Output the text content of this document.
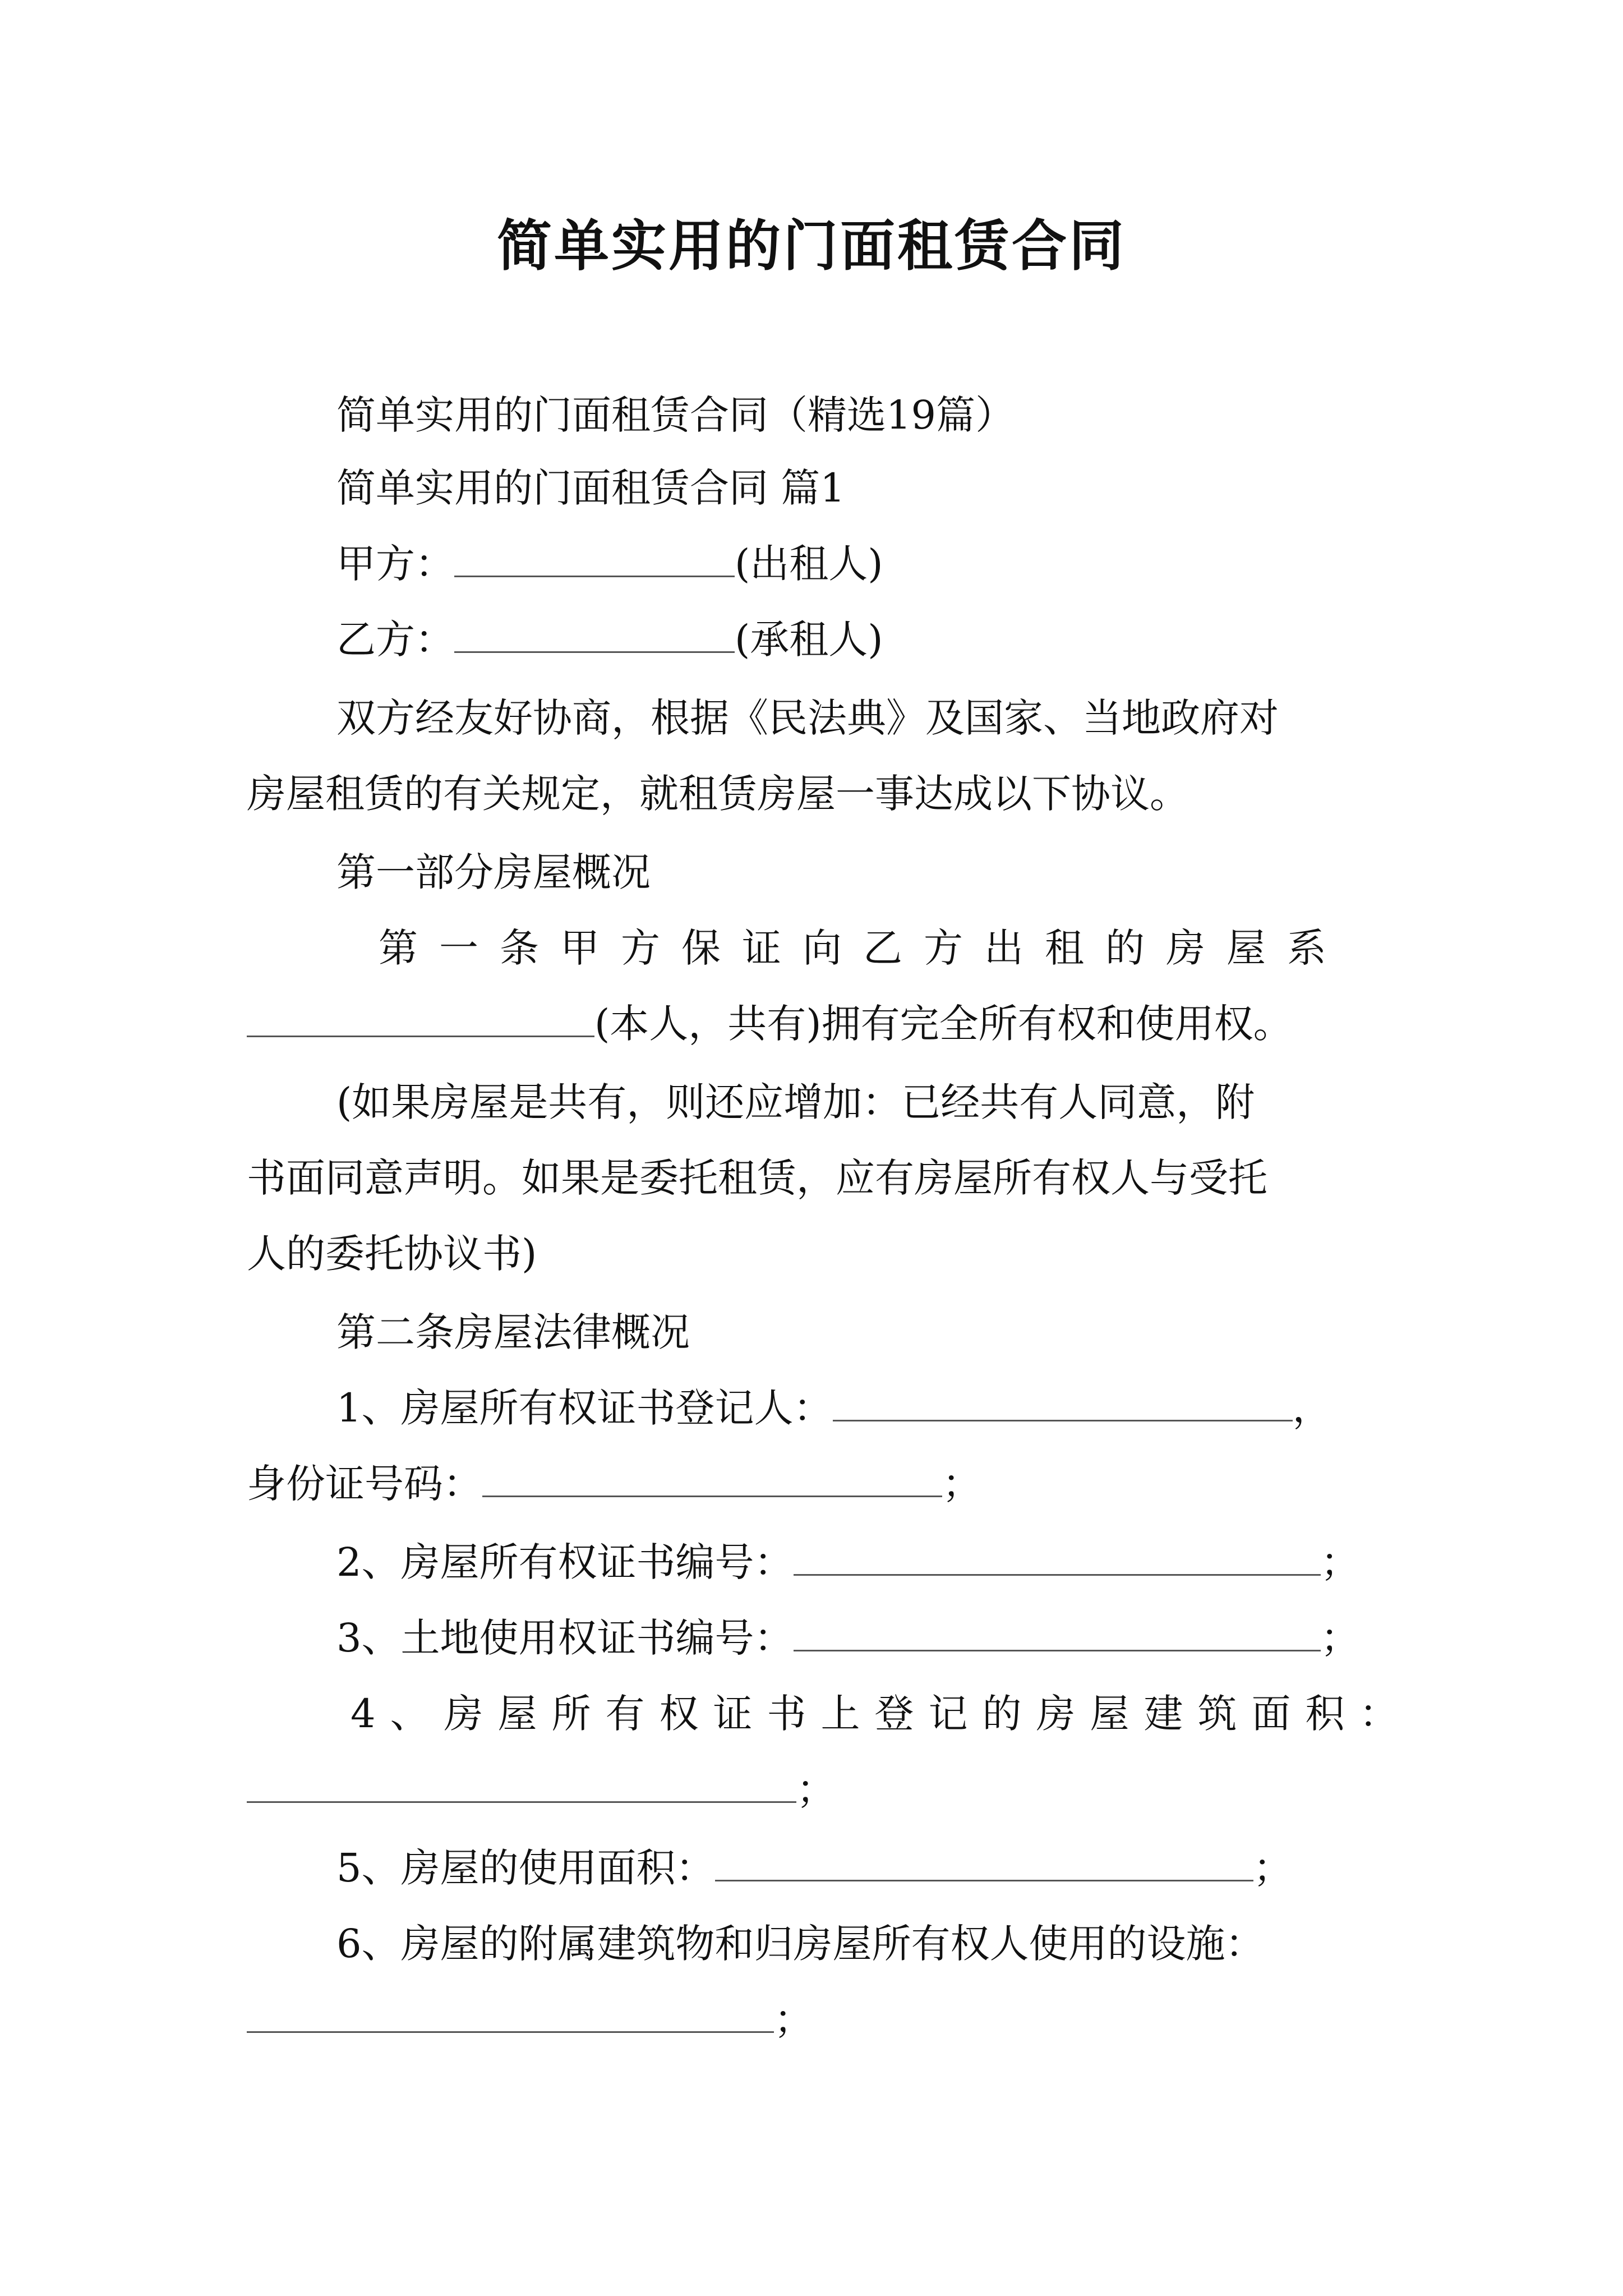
简单实用的门面租赁合同
简单实用的门面租赁合同（精选19篇）
简单实用的门面租赁合同 篇1
甲方：	(出租人)
乙方：	(承租人)
双方经友好协商，根据《民法典》及国家、当地政府对
房屋租赁的有关规定，就租赁房屋一事达成以下协议。
第一部分房屋概况
第一条甲方保证向乙方出租的房屋系
(本人，共有)拥有完全所有权和使用权。
(如果房屋是共有，则还应增加：已经共有人同意，附
书面同意声明。如果是委托租赁，应有房屋所有权人与受托
人的委托协议书)
第二条房屋法律概况
1、房屋所有权证书登记人：	，
身份证号码：	；
2、房屋所有权证书编号：	；
3、土地使用权证书编号：	；
4、房屋所有权证书上登记的房屋建筑面积：
；
5、房屋的使用面积：	；
6、房屋的附属建筑物和归房屋所有权人使用的设施：
；
